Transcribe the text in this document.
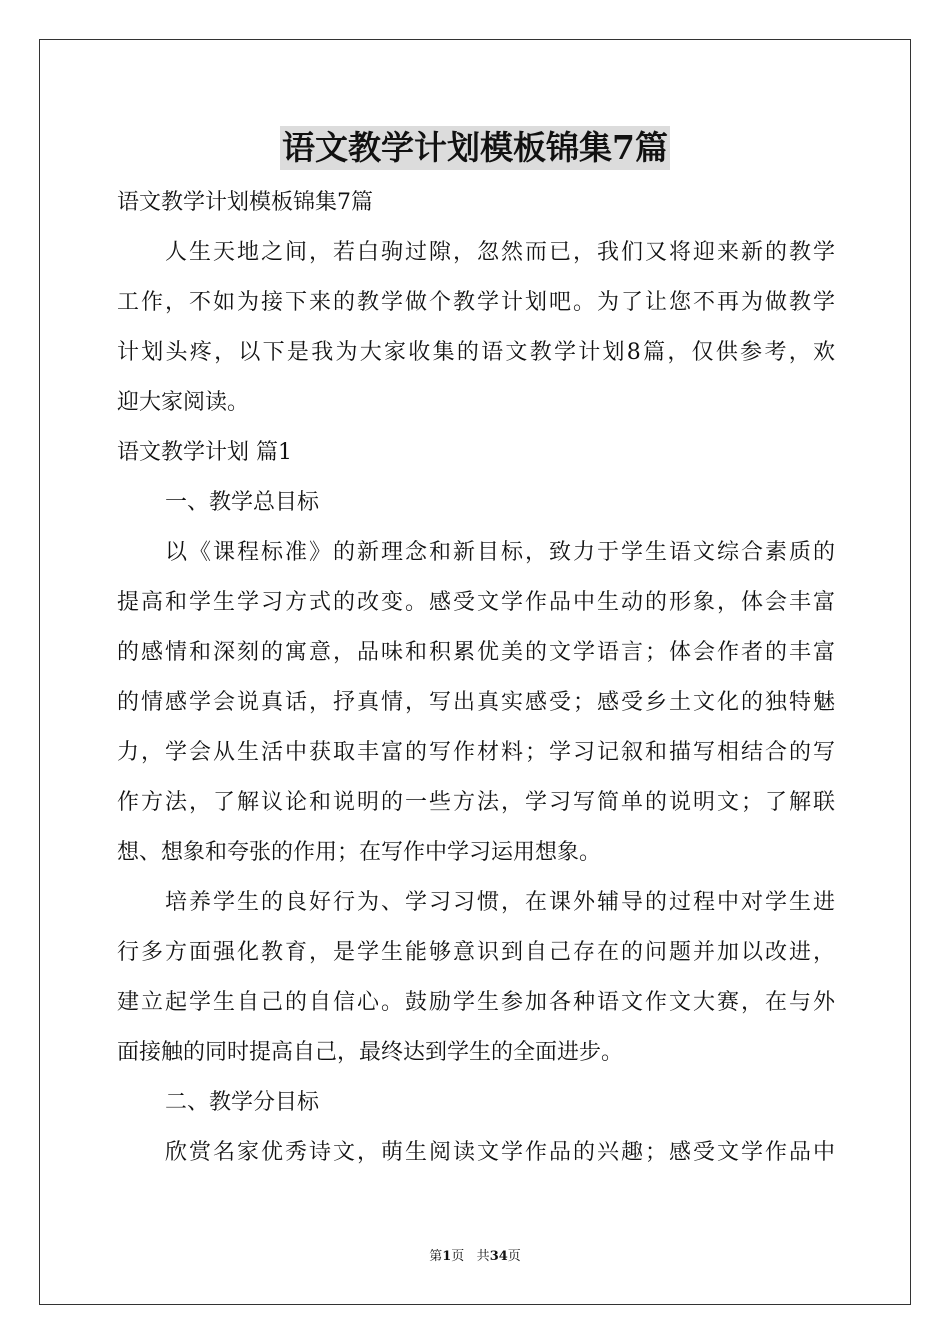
语文教学计划模板锦集7篇
语文教学计划模板锦集7篇
人生天地之间，若白驹过隙，忽然而已，我们又将迎来新的教学
工作，不如为接下来的教学做个教学计划吧。为了让您不再为做教学
计划头疼，以下是我为大家收集的语文教学计划8篇，仅供参考，欢
迎大家阅读。
语文教学计划 篇1
一、教学总目标
以《课程标准》的新理念和新目标，致力于学生语文综合素质的
提高和学生学习方式的改变。感受文学作品中生动的形象，体会丰富
的感情和深刻的寓意，品味和积累优美的文学语言；体会作者的丰富
的情感学会说真话，抒真情，写出真实感受；感受乡土文化的独特魅
力，学会从生活中获取丰富的写作材料；学习记叙和描写相结合的写
作方法，了解议论和说明的一些方法，学习写简单的说明文；了解联
想、想象和夸张的作用；在写作中学习运用想象。
培养学生的良好行为、学习习惯，在课外辅导的过程中对学生进
行多方面强化教育，是学生能够意识到自己存在的问题并加以改进，
建立起学生自己的自信心。鼓励学生参加各种语文作文大赛，在与外
面接触的同时提高自己，最终达到学生的全面进步。
二、教学分目标
欣赏名家优秀诗文，萌生阅读文学作品的兴趣；感受文学作品中
第1页 共34页
